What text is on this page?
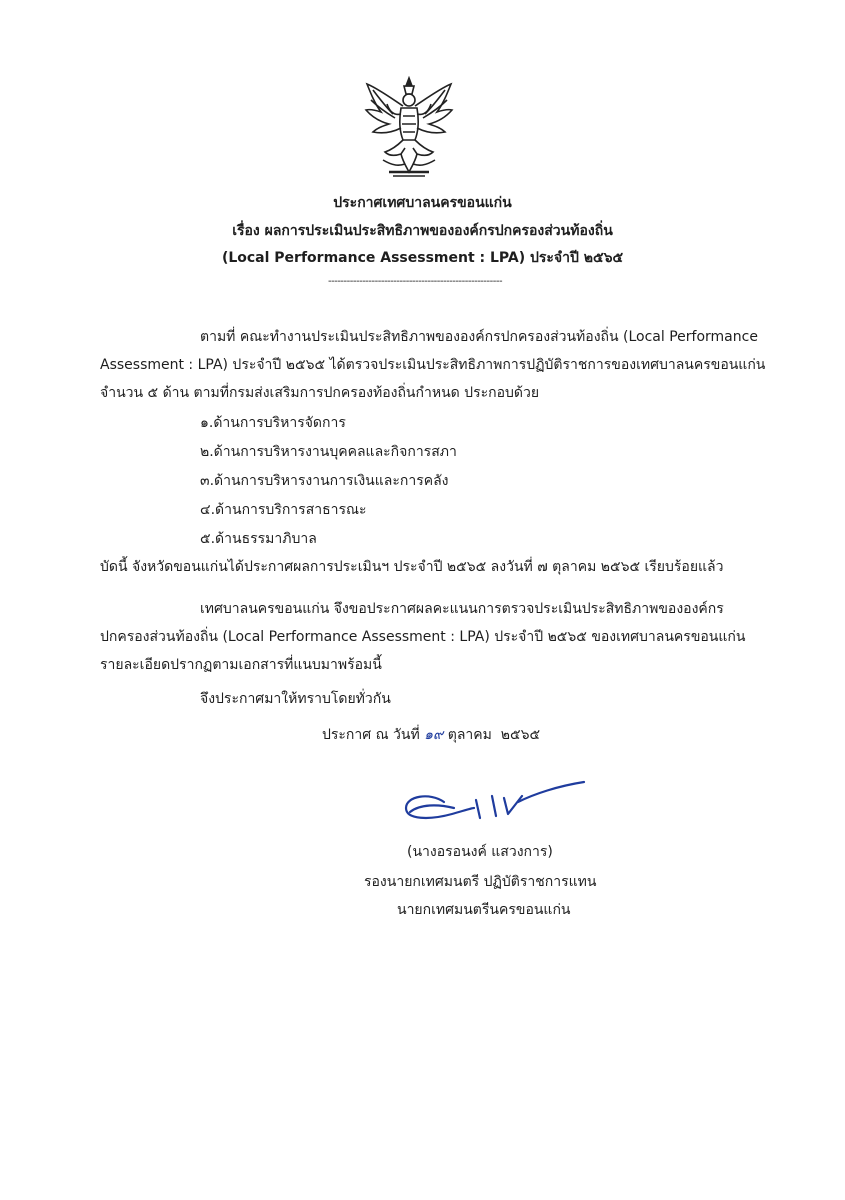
ประกาศเทศบาลนครขอนแก่น
เรื่อง ผลการประเมินประสิทธิภาพขององค์กรปกครองส่วนท้องถิ่น
(Local Performance Assessment : LPA) ประจำปี ๒๕๖๕
--------------------------------------------------------
ตามที่ คณะทำงานประเมินประสิทธิภาพขององค์กรปกครองส่วนท้องถิ่น (Local Performance
Assessment : LPA) ประจำปี ๒๕๖๕ ได้ตรวจประเมินประสิทธิภาพการปฏิบัติราชการของเทศบาลนครขอนแก่น
จำนวน ๕ ด้าน ตามที่กรมส่งเสริมการปกครองท้องถิ่นกำหนด ประกอบด้วย
๑.ด้านการบริหารจัดการ
๒.ด้านการบริหารงานบุคคลและกิจการสภา
๓.ด้านการบริหารงานการเงินและการคลัง
๔.ด้านการบริการสาธารณะ
๕.ด้านธรรมาภิบาล
บัดนี้ จังหวัดขอนแก่นได้ประกาศผลการประเมินฯ ประจำปี ๒๕๖๕ ลงวันที่ ๗ ตุลาคม ๒๕๖๕ เรียบร้อยแล้ว
เทศบาลนครขอนแก่น จึงขอประกาศผลคะแนนการตรวจประเมินประสิทธิภาพขององค์กร
ปกครองส่วนท้องถิ่น (Local Performance Assessment : LPA) ประจำปี ๒๕๖๕ ของเทศบาลนครขอนแก่น
รายละเอียดปรากฏตามเอกสารที่แนบมาพร้อมนี้
จึงประกาศมาให้ทราบโดยทั่วกัน
ประกาศ ณ วันที่ ๑๙ ตุลาคม ๒๕๖๕
(นางอรอนงค์ แสวงการ)
รองนายกเทศมนตรี ปฏิบัติราชการแทน
นายกเทศมนตรีนครขอนแก่น
